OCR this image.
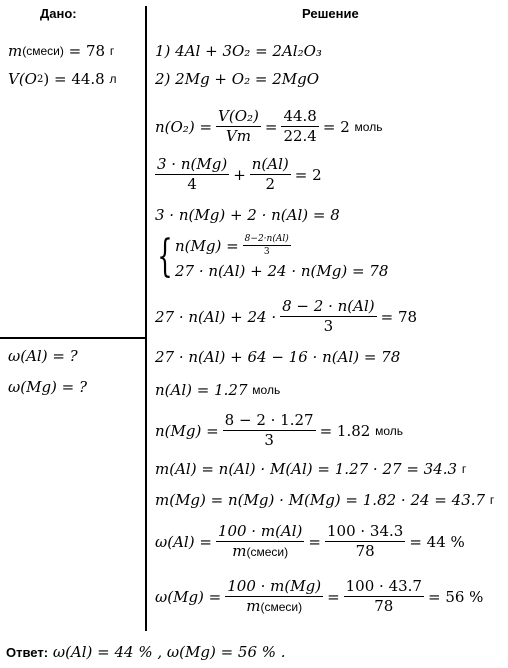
Дано:	Решение
m (смеси)
= 78
г
V(O 2 ) = 44.8
л
ω(Al) = ?
ω(Mg) = ?
1) 4Al + 3O₂ = 2Al₂O₃
2) 2Mg + O₂ = 2MgO
$n(O_2) = \frac{\text{V(O₂)}}{Vm} = \frac{44.8}{22.4} = 2$
моль
$\frac{3 \cdot n(Mg)}{4} + \frac{n(Al)}{2} = 2$
3 · n(Mg) + 2 · n(Al) = 8
{ $n(Mg) = \frac{8-2\cdot n(Al)}{3}$
27 · n(Al) + 24 · n(Mg) = 78
$27 \cdot n(Al) + 24 \cdot \frac{8 - 2 \cdot n(Al)}{3} = 78$
27 · n(Al) + 64 − 16 · n(Al) = 78
n(Al) = 1.27
моль
$n(Mg) = \frac{8 - 2 \cdot 1.27}{3} = 1.82$
моль
m(Al) = n(Al) · M(Al) = 1.27 · 27 = 34.3
г
m(Mg) = n(Mg) · M(Mg) = 1.82 · 24 = 43.7
г
$\omega(Al) = \frac{100 \cdot m(Al)}{\text{m(смеси)}} = \frac{100 \cdot 34.3}{78} = 44$ %
$\omega(Mg) = \frac{100 \cdot m(Mg)}{\text{m(смеси)}} = \frac{100 \cdot 43.7}{78} = 56$ %
Ответ: ω(Al) = 44 % , ω(Mg) = 56 % .
